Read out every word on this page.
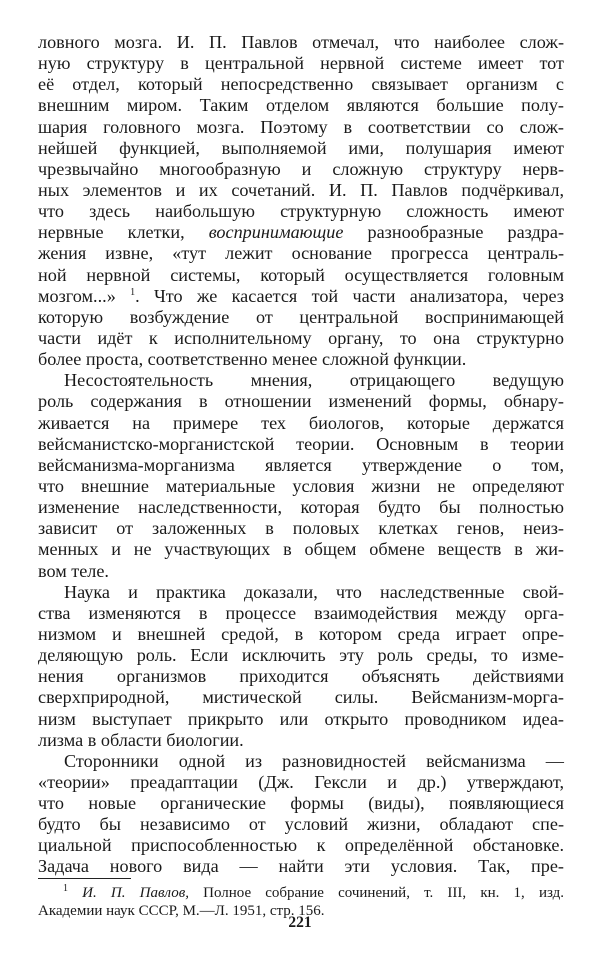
ловного мозга. И. П. Павлов отмечал, что наиболее слож-
ную структуру в центральной нервной системе имеет тот
её отдел, который непосредственно связывает организм с
внешним миром. Таким отделом являются большие полу-
шария головного мозга. Поэтому в соответствии со слож-
нейшей функцией, выполняемой ими, полушария имеют
чрезвычайно многообразную и сложную структуру нерв-
ных элементов и их сочетаний. И. П. Павлов подчёркивал,
что здесь наибольшую структурную сложность имеют
нервные клетки, воспринимающие разнообразные раздра-
жения извне, «тут лежит основание прогресса централь-
ной нервной системы, который осуществляется головным
мозгом...» $^1$. Что же касается той части анализатора, через
которую возбуждение от центральной воспринимающей
части идёт к исполнительному органу, то она структурно
более проста, соответственно менее сложной функции.
Несостоятельность мнения, отрицающего ведущую
роль содержания в отношении изменений формы, обнару-
живается на примере тех биологов, которые держатся
вейсманистско-морганистской теории. Основным в теории
вейсманизма-морганизма является утверждение о том,
что внешние материальные условия жизни не определяют
изменение наследственности, которая будто бы полностью
зависит от заложенных в половых клетках генов, неиз-
менных и не участвующих в общем обмене веществ в жи-
вом теле.
Наука и практика доказали, что наследственные свой-
ства изменяются в процессе взаимодействия между орга-
низмом и внешней средой, в котором среда играет опре-
деляющую роль. Если исключить эту роль среды, то изме-
нения организмов приходится объяснять действиями
сверхприродной, мистической силы. Вейсманизм-морга-
низм выступает прикрыто или открыто проводником идеа-
лизма в области биологии.
Сторонники одной из разновидностей вейсманизма —
«теории» преадаптации (Дж. Гексли и др.) утверждают,
что новые органические формы (виды), появляющиеся
будто бы независимо от условий жизни, обладают спе-
циальной приспособленностью к определённой обстановке.
Задача нового вида — найти эти условия. Так, пре-
$^1$ И. П. Павлов, Полное собрание сочинений, т. III, кн. 1, изд.
Академии наук СССР, М.—Л. 1951, стр. 156.
221
